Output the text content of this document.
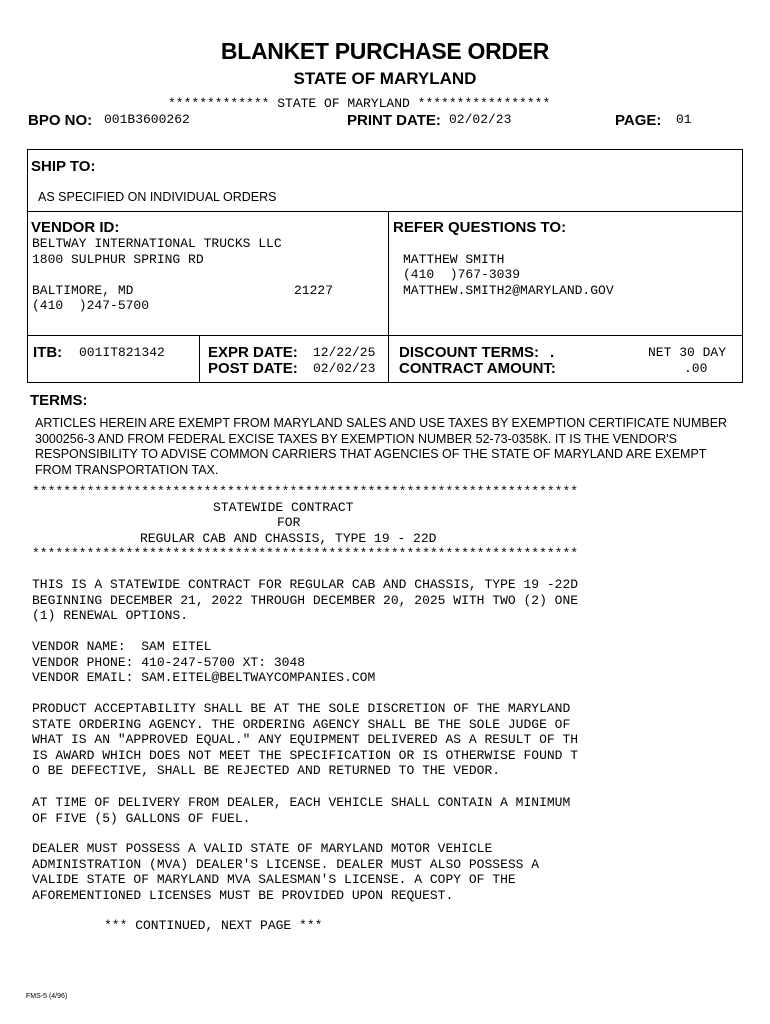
BLANKET PURCHASE ORDER
STATE OF MARYLAND
************* STATE OF MARYLAND *****************
BPO NO: 001B3600262	PRINT DATE: 02/02/23	PAGE: 01
SHIP TO:
AS SPECIFIED ON INDIVIDUAL ORDERS
VENDOR ID:
BELTWAY INTERNATIONAL TRUCKS LLC
1800 SULPHUR SPRING RD
BALTIMORE, MD	21227
(410  )247-5700
REFER QUESTIONS TO:
MATTHEW SMITH
(410  )767-3039
MATTHEW.SMITH2@MARYLAND.GOV
ITB: 001IT821342	EXPR DATE: 12/22/25
POST DATE: 02/02/23
DISCOUNT TERMS: .	NET 30 DAY
CONTRACT AMOUNT:	.00
TERMS:
ARTICLES HEREIN ARE EXEMPT FROM MARYLAND SALES AND USE TAXES BY EXEMPTION CERTIFICATE NUMBER 3000256-3 AND FROM FEDERAL EXCISE TAXES BY EXEMPTION NUMBER 52-73-0358K. IT IS THE VENDOR'S RESPONSIBILITY TO ADVISE COMMON CARRIERS THAT AGENCIES OF THE STATE OF MARYLAND ARE EXEMPT FROM TRANSPORTATION TAX.
**********************************************************************
STATEWIDE CONTRACT
FOR
REGULAR CAB AND CHASSIS, TYPE 19 - 22D
**********************************************************************
THIS IS A STATEWIDE CONTRACT FOR REGULAR CAB AND CHASSIS, TYPE 19 -22D
BEGINNING DECEMBER 21, 2022 THROUGH DECEMBER 20, 2025 WITH TWO (2) ONE
(1) RENEWAL OPTIONS.
VENDOR NAME:  SAM EITEL
VENDOR PHONE: 410-247-5700 XT: 3048
VENDOR EMAIL: SAM.EITEL@BELTWAYCOMPANIES.COM
PRODUCT ACCEPTABILITY SHALL BE AT THE SOLE DISCRETION OF THE MARYLAND
STATE ORDERING AGENCY. THE ORDERING AGENCY SHALL BE THE SOLE JUDGE OF
WHAT IS AN "APPROVED EQUAL." ANY EQUIPMENT DELIVERED AS A RESULT OF TH
IS AWARD WHICH DOES NOT MEET THE SPECIFICATION OR IS OTHERWISE FOUND T
O BE DEFECTIVE, SHALL BE REJECTED AND RETURNED TO THE VEDOR.
AT TIME OF DELIVERY FROM DEALER, EACH VEHICLE SHALL CONTAIN A MINIMUM
OF FIVE (5) GALLONS OF FUEL.
DEALER MUST POSSESS A VALID STATE OF MARYLAND MOTOR VEHICLE
ADMINISTRATION (MVA) DEALER'S LICENSE. DEALER MUST ALSO POSSESS A
VALIDE STATE OF MARYLAND MVA SALESMAN'S LICENSE. A COPY OF THE
AFOREMENTIONED LICENSES MUST BE PROVIDED UPON REQUEST.
*** CONTINUED, NEXT PAGE ***
FMS-5 (4/96)
